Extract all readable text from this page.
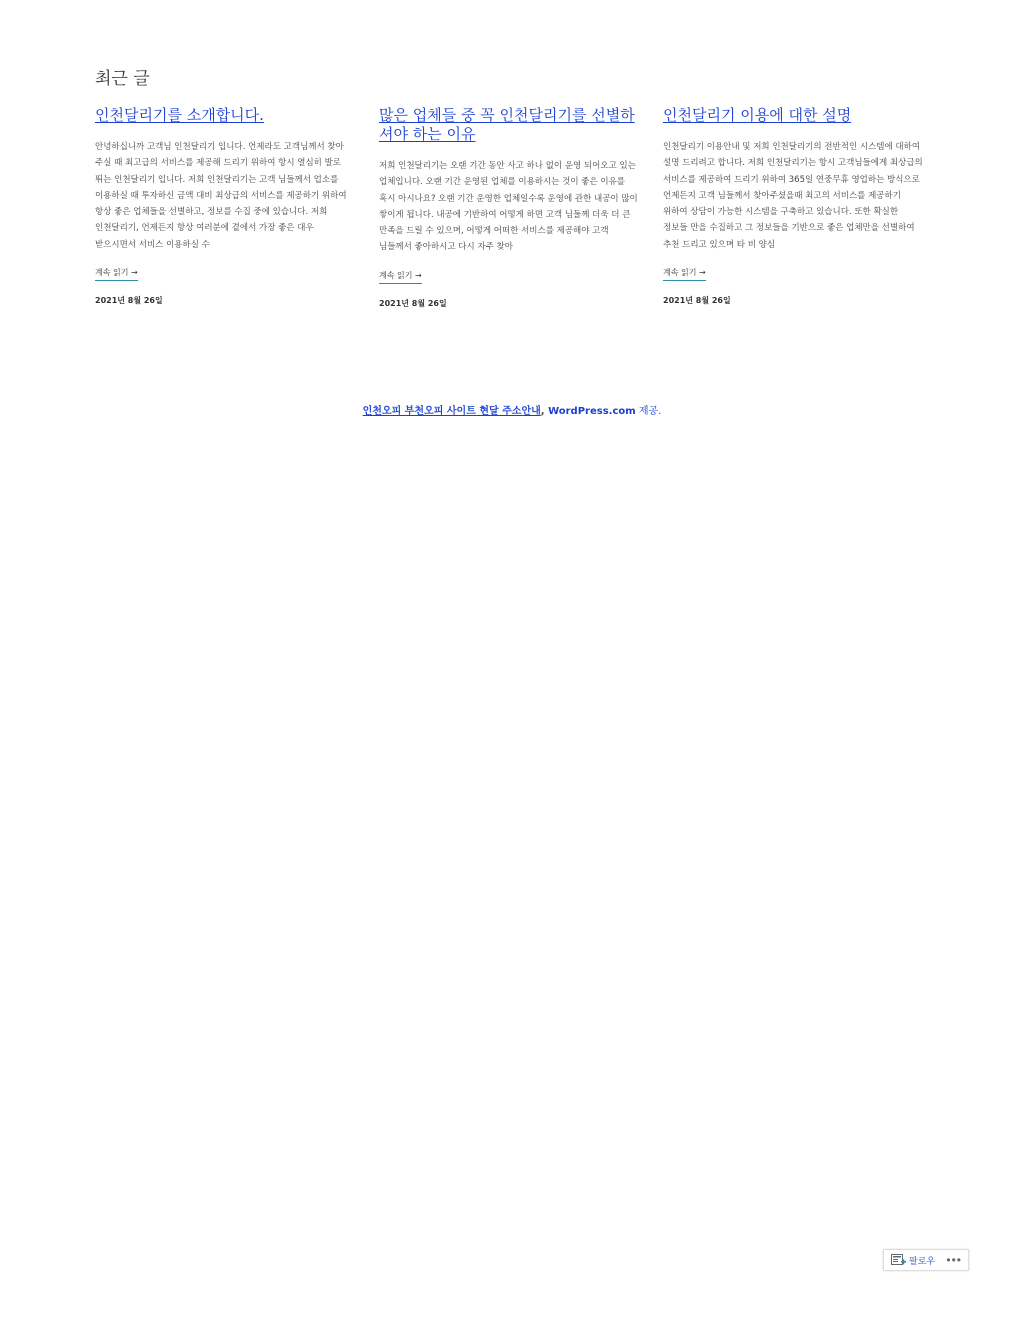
최근 글
인천달리기를 소개합니다.

안녕하십니까 고객님 인천달리기 입니다. 언제라도 고객님께서 찾아 주실 때 최고급의 서비스를 제공해 드리기 위하여 항시 열심히 발로 뛰는 인천달리기 입니다. 저희 인천달리기는 고객 님들께서 업소를 이용하실 때 투자하신 금액 대비 최상급의 서비스를 제공하기 위하여 항상 좋은 업체들을 선별하고, 정보를 수집 중에 있습니다. 저희 인천달리기, 언제든지 항상 여러분에 곁에서 가장 좋은 대우 받으시면서 서비스 이용하실 수

계속 읽기 →
2021년 8월 26일
많은 업체들 중 꼭 인천달리기를 선별하셔야 하는 이유

저희 인천달리기는 오랜 기간 동안 사고 하나 없이 운영 되어오고 있는 업체입니다. 오랜 기간 운영된 업체를 이용하시는 것이 좋은 이유를 혹시 아시나요? 오랜 기간 운영한 업체일수록 운영에 관한 내공이 많이 쌓이게 됩니다. 내공에 기반하여 어떻게 하면 고객 님들께 더욱 더 큰 만족을 드릴 수 있으며, 어떻게 어떠한 서비스를 제공해야 고객 님들께서 좋아하시고 다시 자주 찾아

계속 읽기 →
2021년 8월 26일
인천달리기 이용에 대한 설명

인천달리기 이용안내 및 저희 인천달리기의 전반적인 시스템에 대하여 설명 드리려고 합니다. 저희 인천달리기는 항시 고객님들에게 최상급의 서비스를 제공하여 드리기 위하여 365일 연중무휴 영업하는 방식으로 언제든지 고객 님들께서 찾아주셨을때 최고의 서비스를 제공하기 위하여 상담이 가능한 시스템을 구축하고 있습니다. 또한 확실한 정보들 만을 수집하고 그 정보들을 기반으로 좋은 업체만을 선별하여 추천 드리고 있으며 타 비 양심

계속 읽기 →
2021년 8월 26일
인천오피 부천오피 사이트 현달 주소안내, WordPress.com 제공.
팔로우 •••
